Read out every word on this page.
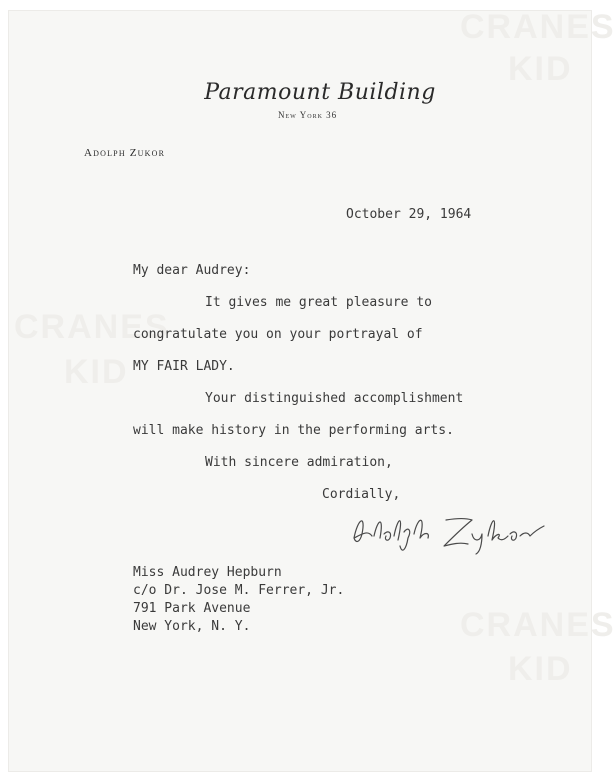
CRANES
KID
CRANES
KID
CRANES
KID
Paramount Building
New York 36
Adolph Zukor
October 29, 1964
My dear Audrey:
It gives me great pleasure to
congratulate you on your portrayal of
MY FAIR LADY.
Your distinguished accomplishment
will make history in the performing arts.
With sincere admiration,
Cordially,
Miss Audrey Hepburn
c/o Dr. Jose M. Ferrer, Jr.
791 Park Avenue
New York, N. Y.
